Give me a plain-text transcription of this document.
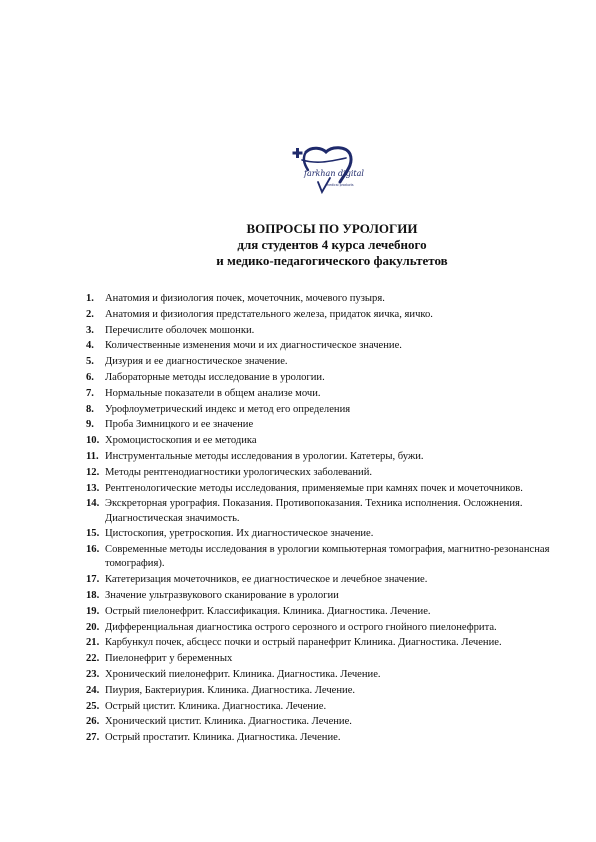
farkhan digital
medical products
ВОПРОСЫ ПО УРОЛОГИИ
для студентов 4 курса лечебного
и медико-педагогического факультетов
1.	Анатомия и физиология почек, мочеточник, мочевого пузыря.
2.	Анатомия и физиология предстательного железа, придаток яичка, яичко.
3.	Перечислите оболочек мошонки.
4.	Количественные изменения мочи и их диагностическое значение.
5.	Дизурия и ее диагностическое значение.
6.	Лабораторные методы исследование в урологии.
7.	Нормальные показатели в общем анализе мочи.
8.	Урофлоуметрический индекс и метод его определения
9.	Проба Зимницкого и ее значение
10. Хромоцистоскопия и ее методика
11. Инструментальные методы исследования в урологии. Катетеры, бужи.
12. Методы рентгенодиагностики урологических заболеваний.
13. Рентгенологические методы исследования, применяемые при камнях почек и мочеточников.
14. Экскреторная урография. Показания. Противопоказания. Техника исполнения. Осложнения. Диагностическая значимость.
15. Цистоскопия, уретроскопия. Их диагностическое значение.
16. Современные методы исследования в урологии компьютерная томография, магнитно-резонансная томография).
17. Катетеризация мочеточников, ее диагностическое и лечебное значение.
18. Значение ультразвукового сканирование в урологии
19. Острый пиелонефрит. Классификация. Клиника. Диагностика. Лечение.
20. Дифференциальная диагностика острого серозного и острого гнойного пиелонефрита.
21. Карбункул почек, абсцесс почки и острый паранефрит Клиника. Диагностика. Лечение.
22. Пиелонефрит у беременных
23. Хронический пиелонефрит. Клиника. Диагностика. Лечение.
24. Пиурия, Бактериурия. Клиника. Диагностика. Лечение.
25. Острый цистит. Клиника. Диагностика. Лечение.
26. Хронический цистит. Клиника. Диагностика. Лечение.
27. Острый простатит. Клиника. Диагностика. Лечение.
